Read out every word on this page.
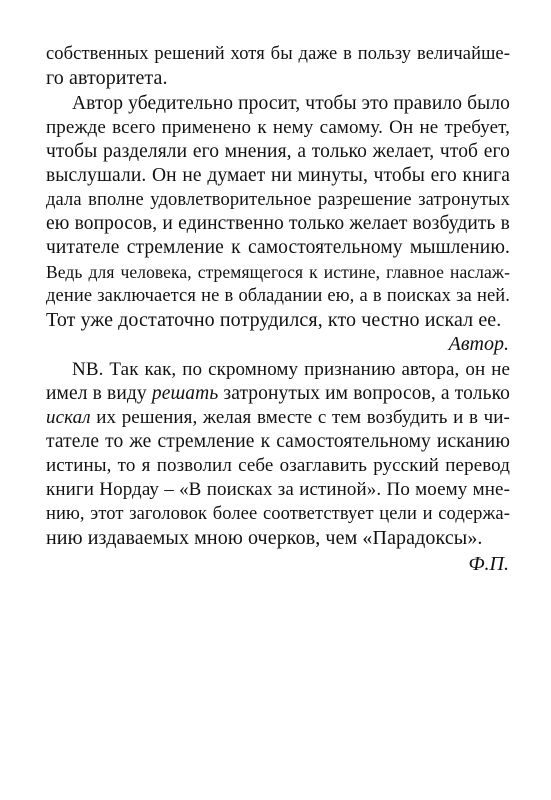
собственных решений хотя бы даже в пользу величайше-
го авторитета.
Автор убедительно просит, чтобы это правило было
прежде всего применено к нему самому. Он не требует,
чтобы разделяли его мнения, а только желает, чтоб его
выслушали. Он не думает ни минуты, чтобы его книга
дала вполне удовлетворительное разрешение затронутых
ею вопросов, и единственно только желает возбудить в
читателе стремление к самостоятельному мышлению.
Ведь для человека, стремящегося к истине, главное наслаж-
дение заключается не в обладании ею, а в поисках за ней.
Тот уже достаточно потрудился, кто честно искал ее.
Автор.
NB. Так как, по скромному признанию автора, он не
имел в виду решать затронутых им вопросов, а только
искал их решения, желая вместе с тем возбудить и в чи-
тателе то же стремление к самостоятельному исканию
истины, то я позволил себе озаглавить русский перевод
книги Нордау – «В поисках за истиной». По моему мне-
нию, этот заголовок более соответствует цели и содержа-
нию издаваемых мною очерков, чем «Парадоксы».
Ф.П.
